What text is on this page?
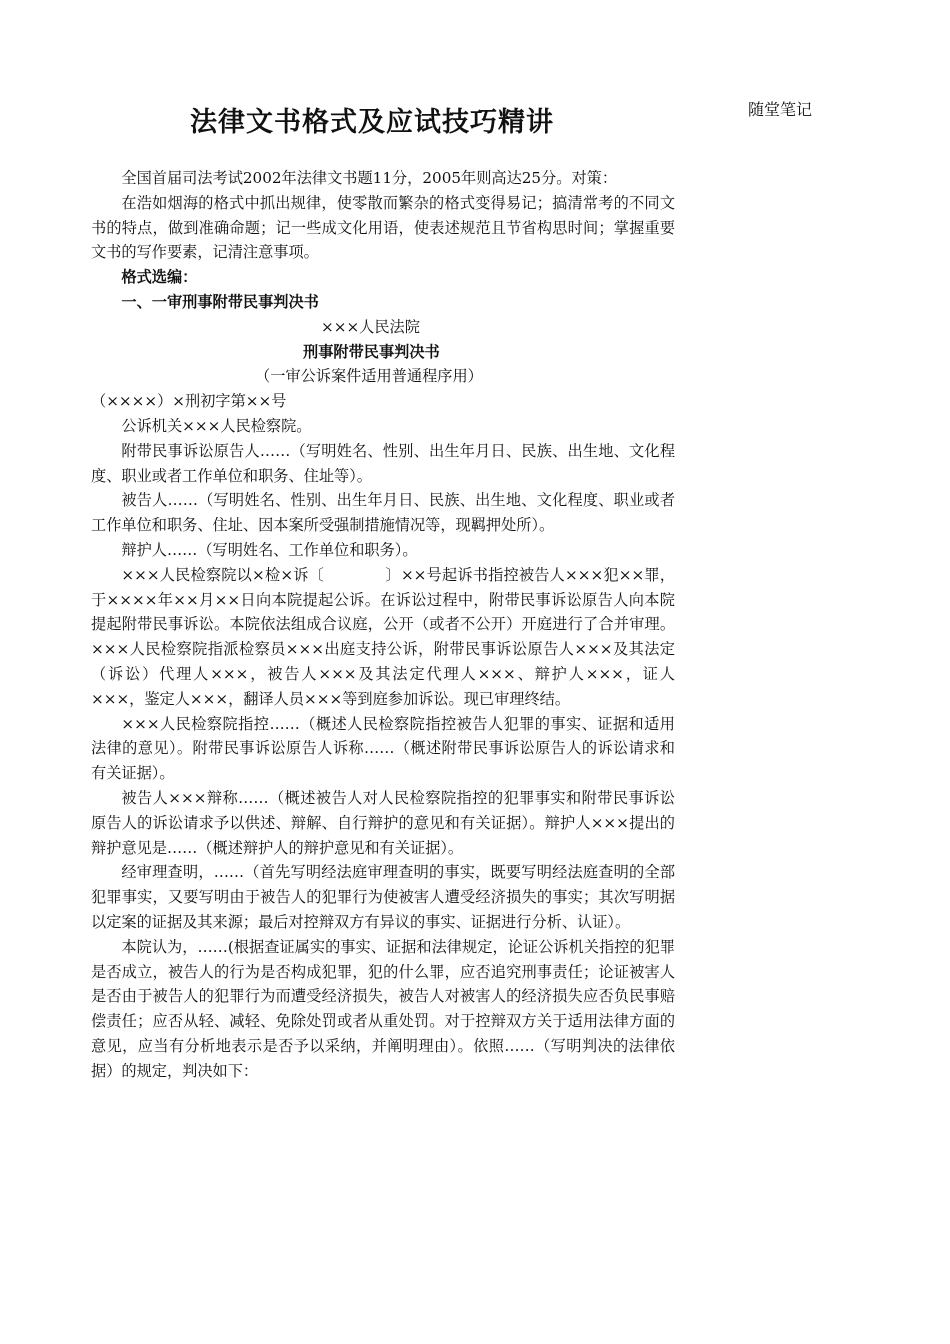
法律文书格式及应试技巧精讲	随堂笔记

全国首届司法考试2002年法律文书题11分，2005年则高达25分。对策：

在浩如烟海的格式中抓出规律，使零散而繁杂的格式变得易记；搞清常考的不同文书的特点，做到准确命题；记一些成文化用语，使表述规范且节省构思时间；掌握重要文书的写作要素，记清注意事项。

格式选编：

一、一审刑事附带民事判决书

×××人民法院

刑事附带民事判决书

（一审公诉案件适用普通程序用）

（××××）×刑初字第××号

公诉机关×××人民检察院。

附带民事诉讼原告人……（写明姓名、性别、出生年月日、民族、出生地、文化程度、职业或者工作单位和职务、住址等）。

被告人……（写明姓名、性别、出生年月日、民族、出生地、文化程度、职业或者工作单位和职务、住址、因本案所受强制措施情况等，现羁押处所）。

辩护人……（写明姓名、工作单位和职务）。

×××人民检察院以×检×诉〔　　　　〕××号起诉书指控被告人×××犯××罪，于××××年××月××日向本院提起公诉。在诉讼过程中，附带民事诉讼原告人向本院提起附带民事诉讼。本院依法组成合议庭，公开（或者不公开）开庭进行了合并审理。×××人民检察院指派检察员×××出庭支持公诉，附带民事诉讼原告人×××及其法定（诉讼）代理人×××，被告人×××及其法定代理人×××、辩护人×××，证人×××，鉴定人×××，翻译人员×××等到庭参加诉讼。现已审理终结。

×××人民检察院指控……（概述人民检察院指控被告人犯罪的事实、证据和适用法律的意见）。附带民事诉讼原告人诉称……（概述附带民事诉讼原告人的诉讼请求和有关证据）。

被告人×××辩称……（概述被告人对人民检察院指控的犯罪事实和附带民事诉讼原告人的诉讼请求予以供述、辩解、自行辩护的意见和有关证据）。辩护人×××提出的辩护意见是……（概述辩护人的辩护意见和有关证据）。

经审理查明，……（首先写明经法庭审理查明的事实，既要写明经法庭查明的全部犯罪事实，又要写明由于被告人的犯罪行为使被害人遭受经济损失的事实；其次写明据以定案的证据及其来源；最后对控辩双方有异议的事实、证据进行分析、认证）。

本院认为，……(根据查证属实的事实、证据和法律规定，论证公诉机关指控的犯罪是否成立，被告人的行为是否构成犯罪，犯的什么罪，应否追究刑事责任；论证被害人是否由于被告人的犯罪行为而遭受经济损失，被告人对被害人的经济损失应否负民事赔偿责任；应否从轻、减轻、免除处罚或者从重处罚。对于控辩双方关于适用法律方面的意见，应当有分析地表示是否予以采纳，并阐明理由）。依照……（写明判决的法律依据）的规定，判决如下：
